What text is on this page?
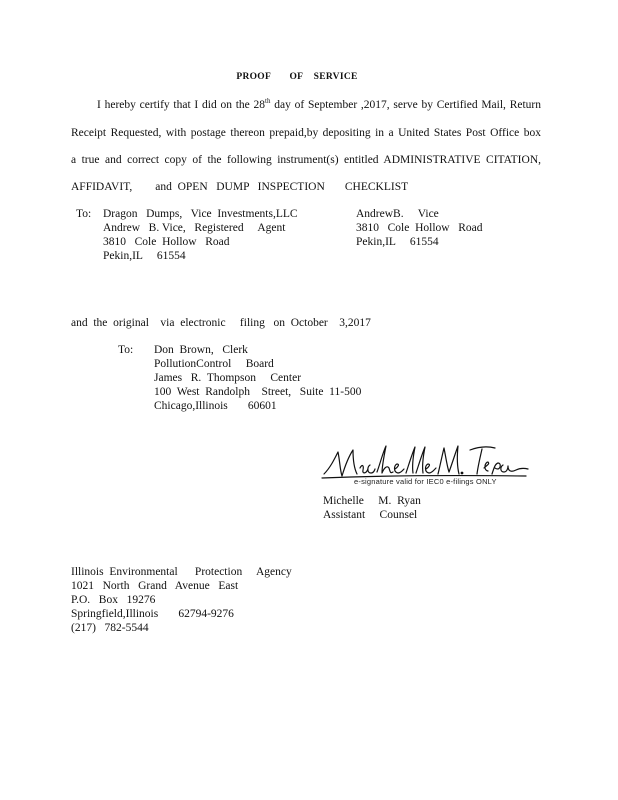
PROOF       OF    SERVICE
I hereby certify that I did on the 28th day of September ,2017, serve by Certified Mail, Return
Receipt Requested, with postage thereon prepaid,by depositing in a United States Post Office box
a true and correct copy of the following instrument(s) entitled ADMINISTRATIVE CITATION,
AFFIDAVIT,        and  OPEN   DUMP   INSPECTION       CHECKLIST
To: Dragon   Dumps,   Vice  Investments,LLC
Andrew   B. Vice,   Registered     Agent
3810   Cole  Hollow   Road
Pekin,IL     61554
AndrewB.     Vice
3810   Cole  Hollow   Road
Pekin,IL     61554
and  the  original    via  electronic     filing   on  October    3,2017
To: Don  Brown,   Clerk
PollutionControl     Board
James   R.  Thompson     Center
100  West  Randolph    Street,   Suite  11-500
Chicago,Illinois       60601
e-signature valid for IEC0 e-filings ONLY
Michelle     M.  Ryan
Assistant     Counsel
Illinois  Environmental      Protection     Agency
1021   North   Grand   Avenue   East
P.O.   Box   19276
Springfield,Illinois       62794-9276
(217)   782-5544
